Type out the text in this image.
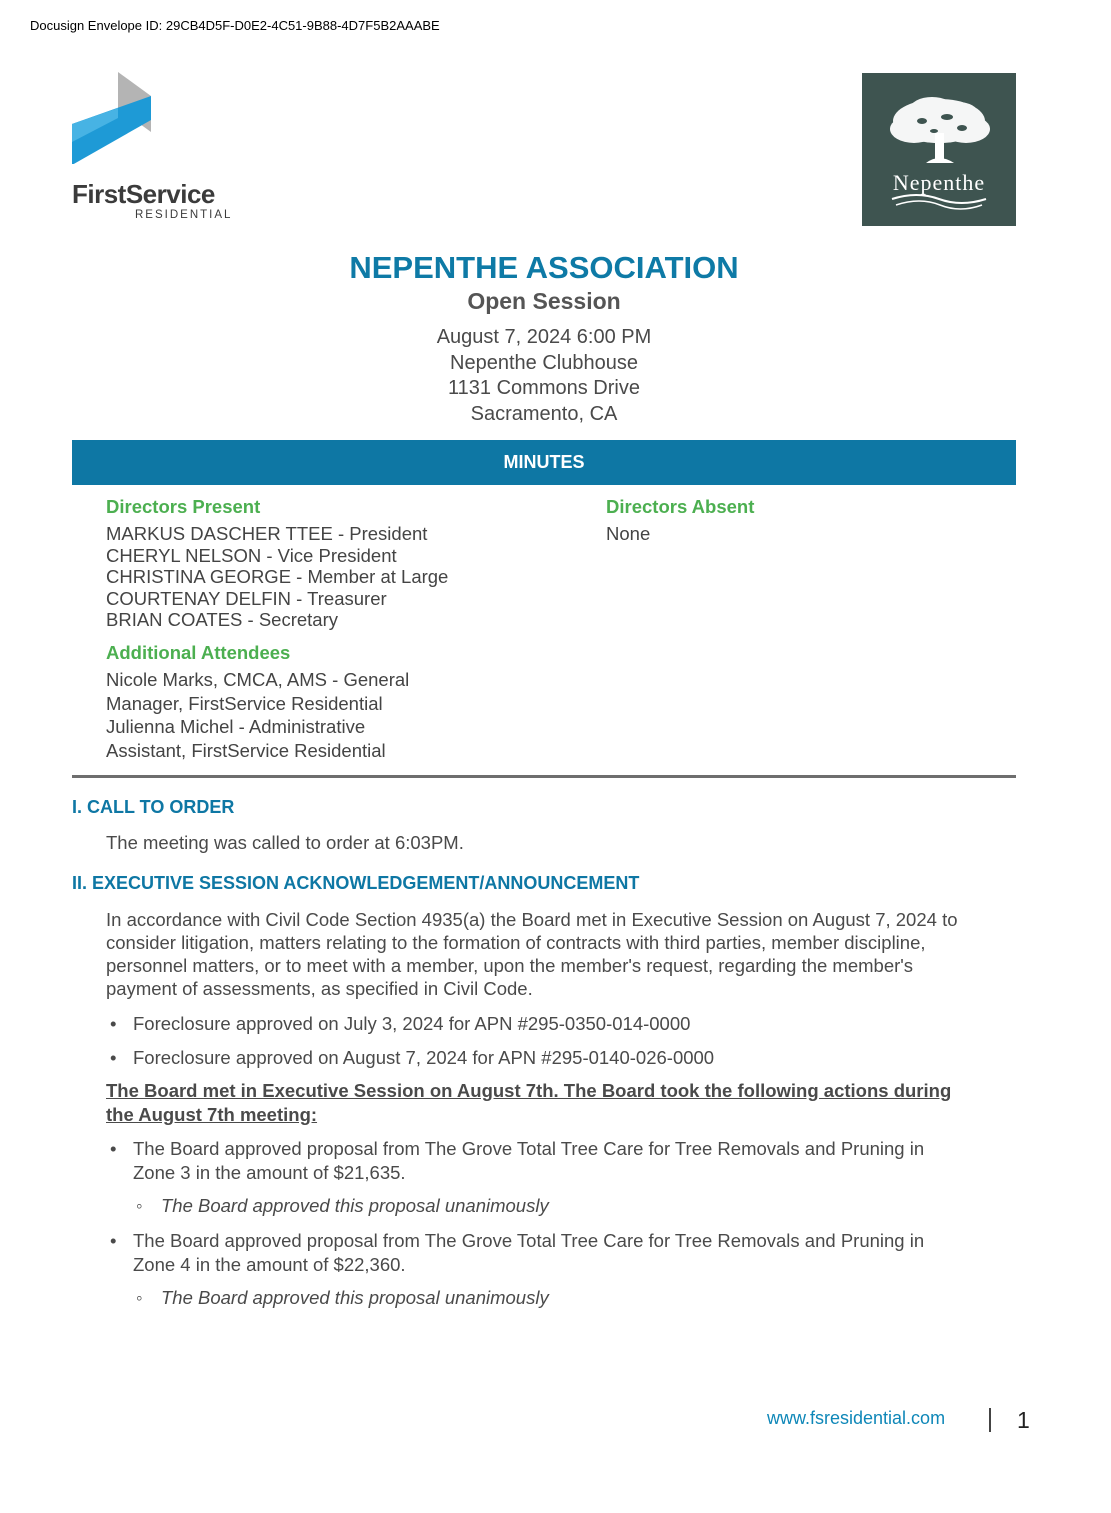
Docusign Envelope ID: 29CB4D5F-D0E2-4C51-9B88-4D7F5B2AAABE
FirstService
RESIDENTIAL
Nepenthe
NEPENTHE ASSOCIATION
Open Session
August 7, 2024 6:00 PM
Nepenthe Clubhouse
1131 Commons Drive
Sacramento, CA
MINUTES
Directors Present
MARKUS DASCHER TTEE - President
CHERYL NELSON - Vice President
CHRISTINA GEORGE - Member at Large
COURTENAY DELFIN - Treasurer
BRIAN COATES - Secretary
Directors Absent
None
Additional Attendees
Nicole Marks, CMCA, AMS - General
Manager, FirstService Residential
Julienna Michel - Administrative
Assistant, FirstService Residential
I. CALL TO ORDER
The meeting was called to order at 6:03PM.
II. EXECUTIVE SESSION ACKNOWLEDGEMENT/ANNOUNCEMENT
In accordance with Civil Code Section 4935(a) the Board met in Executive Session on August 7, 2024 to
consider litigation, matters relating to the formation of contracts with third parties, member discipline,
personnel matters, or to meet with a member, upon the member's request, regarding the member's
payment of assessments, as specified in Civil Code.
• Foreclosure approved on July 3, 2024 for APN #295-0350-014-0000
• Foreclosure approved on August 7, 2024 for APN #295-0140-026-0000
The Board met in Executive Session on August 7th. The Board took the following actions during
the August 7th meeting:
• The Board approved proposal from The Grove Total Tree Care for Tree Removals and Pruning in
Zone 3 in the amount of $21,635.
◦ The Board approved this proposal unanimously
• The Board approved proposal from The Grove Total Tree Care for Tree Removals and Pruning in
Zone 4 in the amount of $22,360.
◦ The Board approved this proposal unanimously
www.fsresidential.com	1
